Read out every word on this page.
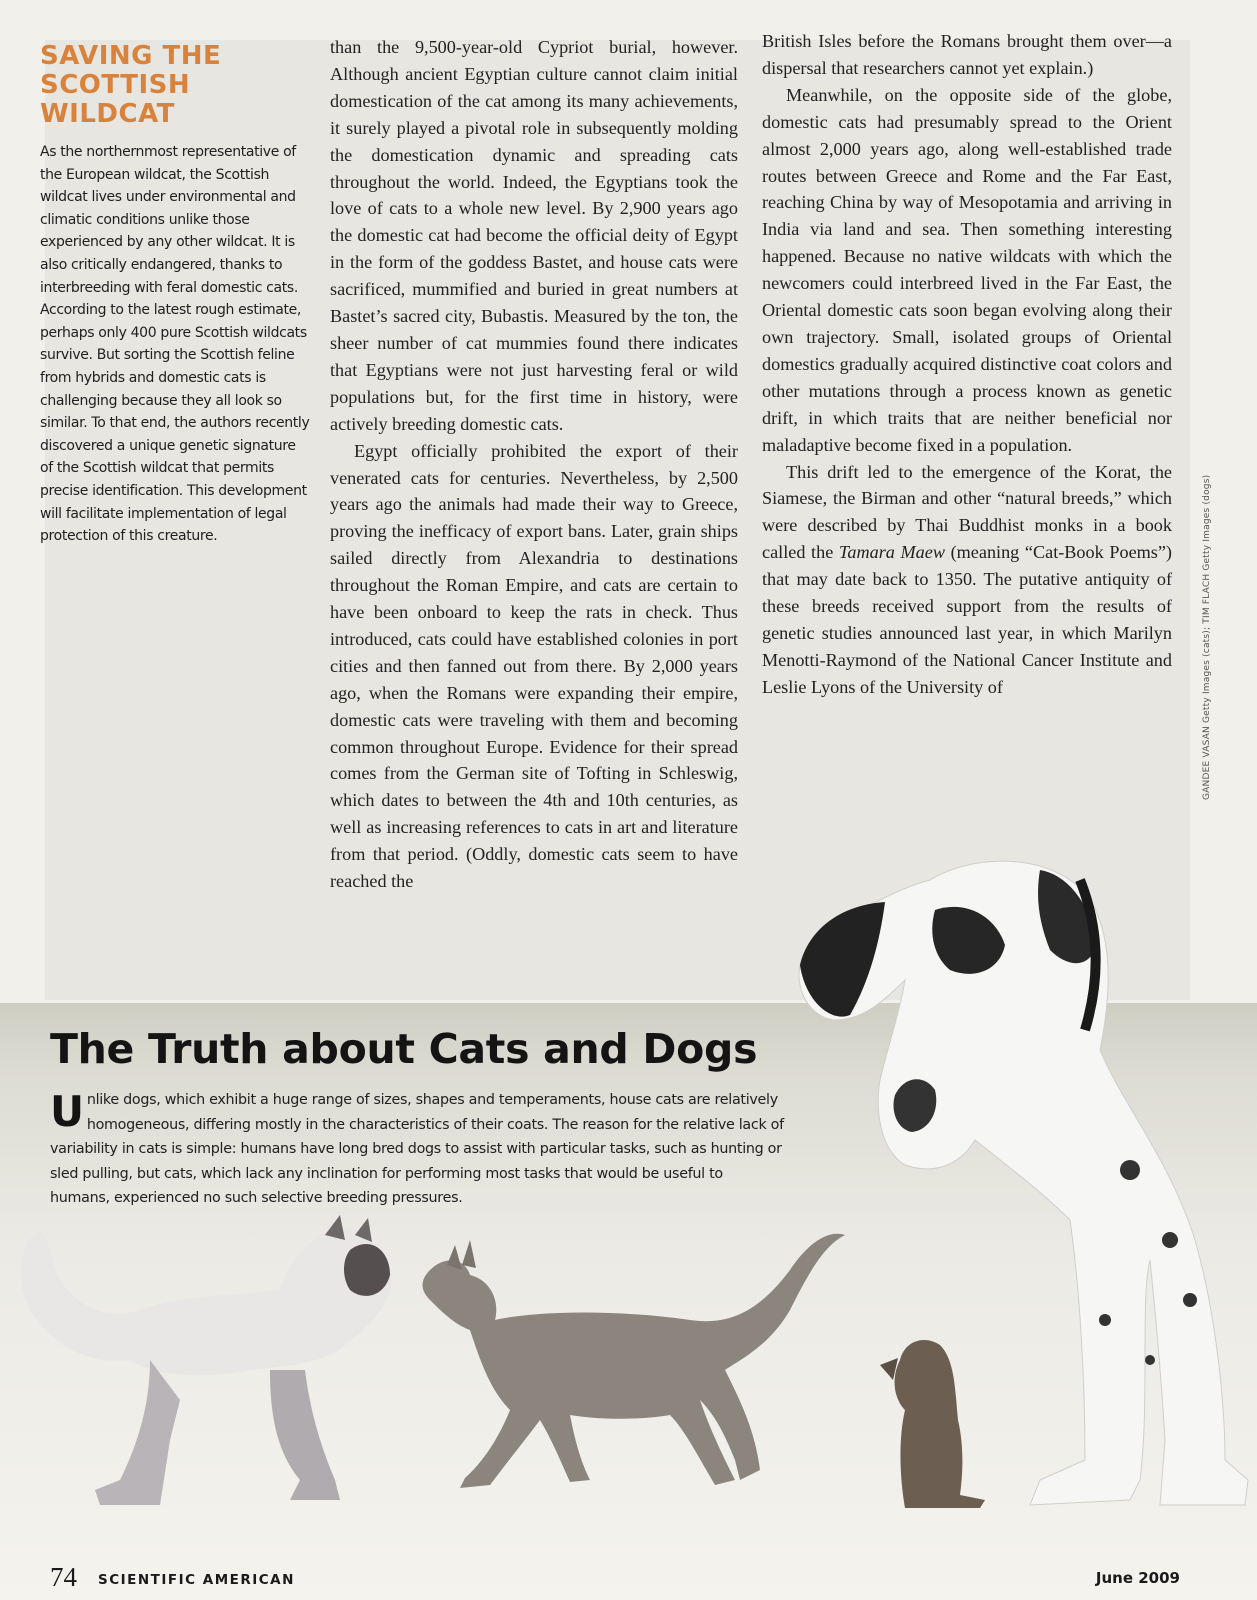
SAVING THE SCOTTISH WILDCAT

As the northernmost representative of the European wildcat, the Scottish wildcat lives under environmental and climatic conditions unlike those experienced by any other wildcat. It is also critically endangered, thanks to interbreeding with feral domestic cats. According to the latest rough estimate, perhaps only 400 pure Scottish wildcats survive. But sorting the Scottish feline from hybrids and domestic cats is challenging because they all look so similar. To that end, the authors recently discovered a unique genetic signature of the Scottish wildcat that permits precise identification. This development will facilitate implementation of legal protection of this creature.

than the 9,500-year-old Cypriot burial, however. Although ancient Egyptian culture cannot claim initial domestication of the cat among its many achievements, it surely played a pivotal role in subsequently molding the domestication dynamic and spreading cats throughout the world. Indeed, the Egyptians took the love of cats to a whole new level. By 2,900 years ago the domestic cat had become the official deity of Egypt in the form of the goddess Bastet, and house cats were sacrificed, mummified and buried in great numbers at Bastet’s sacred city, Bubastis. Measured by the ton, the sheer number of cat mummies found there indicates that Egyptians were not just harvesting feral or wild populations but, for the first time in history, were actively breeding domestic cats.

Egypt officially prohibited the export of their venerated cats for centuries. Nevertheless, by 2,500 years ago the animals had made their way to Greece, proving the inefficacy of export bans. Later, grain ships sailed directly from Alexandria to destinations throughout the Roman Empire, and cats are certain to have been onboard to keep the rats in check. Thus introduced, cats could have established colonies in port cities and then fanned out from there. By 2,000 years ago, when the Romans were expanding their empire, domestic cats were traveling with them and becoming common throughout Europe. Evidence for their spread comes from the German site of Tofting in Schleswig, which dates to between the 4th and 10th centuries, as well as increasing references to cats in art and literature from that period. (Oddly, domestic cats seem to have reached the

British Isles before the Romans brought them over—a dispersal that researchers cannot yet explain.)

Meanwhile, on the opposite side of the globe, domestic cats had presumably spread to the Orient almost 2,000 years ago, along well-established trade routes between Greece and Rome and the Far East, reaching China by way of Mesopotamia and arriving in India via land and sea. Then something interesting happened. Because no native wildcats with which the newcomers could interbreed lived in the Far East, the Oriental domestic cats soon began evolving along their own trajectory. Small, isolated groups of Oriental domestics gradually acquired distinctive coat colors and other mutations through a process known as genetic drift, in which traits that are neither beneficial nor maladaptive become fixed in a population.

This drift led to the emergence of the Korat, the Siamese, the Birman and other “natural breeds,” which were described by Thai Buddhist monks in a book called the Tamara Maew (meaning “Cat-Book Poems”) that may date back to 1350. The putative antiquity of these breeds received support from the results of genetic studies announced last year, in which Marilyn Menotti-Raymond of the National Cancer Institute and Leslie Lyons of the University of	GANDEE VASAN Getty Images (cats); TIM FLACH Getty Images (dogs)
The Truth about Cats and Dogs

Unlike dogs, which exhibit a huge range of sizes, shapes and temperaments, house cats are relatively homogeneous, differing mostly in the characteristics of their coats. The reason for the relative lack of variability in cats is simple: humans have long bred dogs to assist with particular tasks, such as hunting or sled pulling, but cats, which lack any inclination for performing most tasks that would be useful to humans, experienced no such selective breeding pressures.

74 SCIENTIFIC AMERICAN	June 2009
